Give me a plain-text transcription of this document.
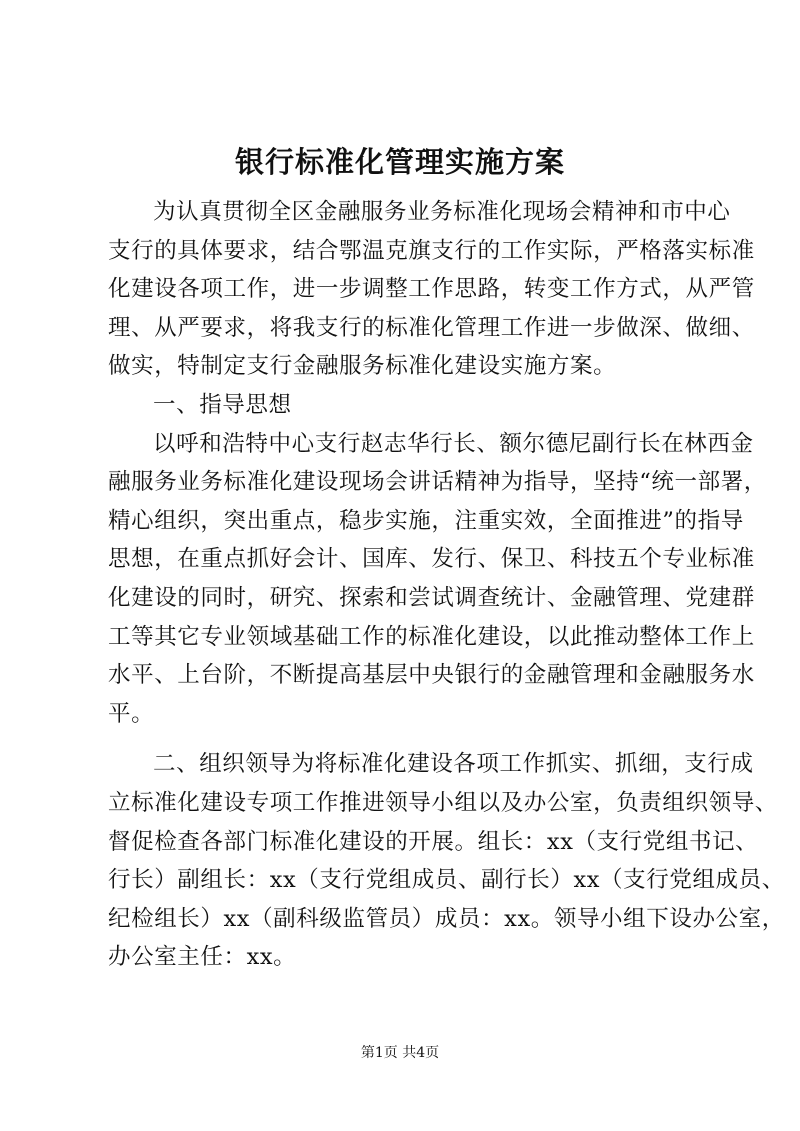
银行标准化管理实施方案
为认真贯彻全区金融服务业务标准化现场会精神和市中心
支行的具体要求，结合鄂温克旗支行的工作实际，严格落实标准
化建设各项工作，进一步调整工作思路，转变工作方式，从严管
理、从严要求，将我支行的标准化管理工作进一步做深、做细、
做实，特制定支行金融服务标准化建设实施方案。
一、指导思想
以呼和浩特中心支行赵志华行长、额尔德尼副行长在林西金
融服务业务标准化建设现场会讲话精神为指导，坚持“统一部署，
精心组织，突出重点，稳步实施，注重实效，全面推进”的指导
思想，在重点抓好会计、国库、发行、保卫、科技五个专业标准
化建设的同时，研究、探索和尝试调查统计、金融管理、党建群
工等其它专业领域基础工作的标准化建设，以此推动整体工作上
水平、上台阶，不断提高基层中央银行的金融管理和金融服务水
平。
二、组织领导为将标准化建设各项工作抓实、抓细，支行成
立标准化建设专项工作推进领导小组以及办公室，负责组织领导、
督促检查各部门标准化建设的开展。组长：xx（支行党组书记、
行长）副组长：xx（支行党组成员、副行长）xx（支行党组成员、
纪检组长）xx（副科级监管员）成员：xx。领导小组下设办公室，
办公室主任：xx。
第1页 共4页
